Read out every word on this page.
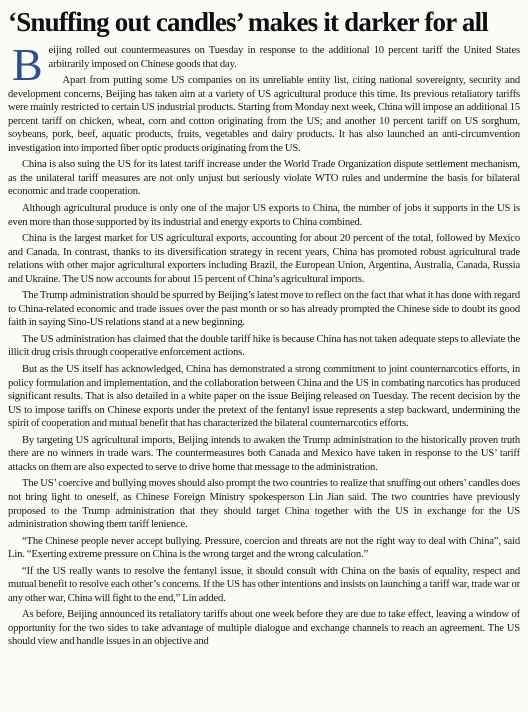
‘Snuffing out candles’ makes it darker for all

Beijing rolled out countermeasures on Tuesday in response to the additional 10 percent tariff the United States arbitrarily imposed on Chinese goods that day.

Apart from putting some US companies on its unreliable entity list, citing national sovereignty, security and development concerns, Beijing has taken aim at a variety of US agricultural produce this time. Its previous retaliatory tariffs were mainly restricted to certain US industrial products. Starting from Monday next week, China will impose an additional 15 percent tariff on chicken, wheat, corn and cotton originating from the US; and another 10 percent tariff on US sorghum, soybeans, pork, beef, aquatic products, fruits, vegetables and dairy products. It has also launched an anti-circumvention investigation into imported fiber optic products originating from the US.

China is also suing the US for its latest tariff increase under the World Trade Organization dispute settlement mechanism, as the unilateral tariff measures are not only unjust but seriously violate WTO rules and undermine the basis for bilateral economic and trade cooperation.

Although agricultural produce is only one of the major US exports to China, the number of jobs it supports in the US is even more than those supported by its industrial and energy exports to China combined.

China is the largest market for US agricultural exports, accounting for about 20 percent of the total, followed by Mexico and Canada. In contrast, thanks to its diversification strategy in recent years, China has promoted robust agricultural trade relations with other major agricultural exporters including Brazil, the European Union, Argentina, Australia, Canada, Russia and Ukraine. The US now accounts for about 15 percent of China’s agricultural imports.

The Trump administration should be spurred by Beijing’s latest move to reflect on the fact that what it has done with regard to China-related economic and trade issues over the past month or so has already prompted the Chinese side to doubt its good faith in saying Sino-US relations stand at a new beginning.

The US administration has claimed that the double tariff hike is because China has not taken adequate steps to alleviate the illicit drug crisis through cooperative enforcement actions.

But as the US itself has acknowledged, China has demonstrated a strong commitment to joint counternarcotics efforts, in policy formulation and implementation, and the collaboration between China and the US in combating narcotics has produced significant results. That is also detailed in a white paper on the issue Beijing released on Tuesday. The recent decision by the US to impose tariffs on Chinese exports under the pretext of the fentanyl issue represents a step backward, undermining the spirit of cooperation and mutual benefit that has characterized the bilateral counternarcotics efforts.

By targeting US agricultural imports, Beijing intends to awaken the Trump administration to the historically proven truth there are no winners in trade wars. The countermeasures both Canada and Mexico have taken in response to the US’ tariff attacks on them are also expected to serve to drive home that message to the administration.

The US’ coercive and bullying moves should also prompt the two countries to realize that snuffing out others’ candles does not bring light to oneself, as Chinese Foreign Ministry spokesperson Lin Jian said. The two countries have previously proposed to the Trump administration that they should target China together with the US in exchange for the US administration showing them tariff lenience.

“The Chinese people never accept bullying. Pressure, coercion and threats are not the right way to deal with China”, said Lin. “Exerting extreme pressure on China is the wrong target and the wrong calculation.”

“If the US really wants to resolve the fentanyl issue, it should consult with China on the basis of equality, respect and mutual benefit to resolve each other’s concerns. If the US has other intentions and insists on launching a tariff war, trade war or any other war, China will fight to the end,” Lin added.

As before, Beijing announced its retaliatory tariffs about one week before they are due to take effect, leaving a window of opportunity for the two sides to take advantage of multiple dialogue and exchange channels to reach an agreement. The US should view and handle issues in an objective and
